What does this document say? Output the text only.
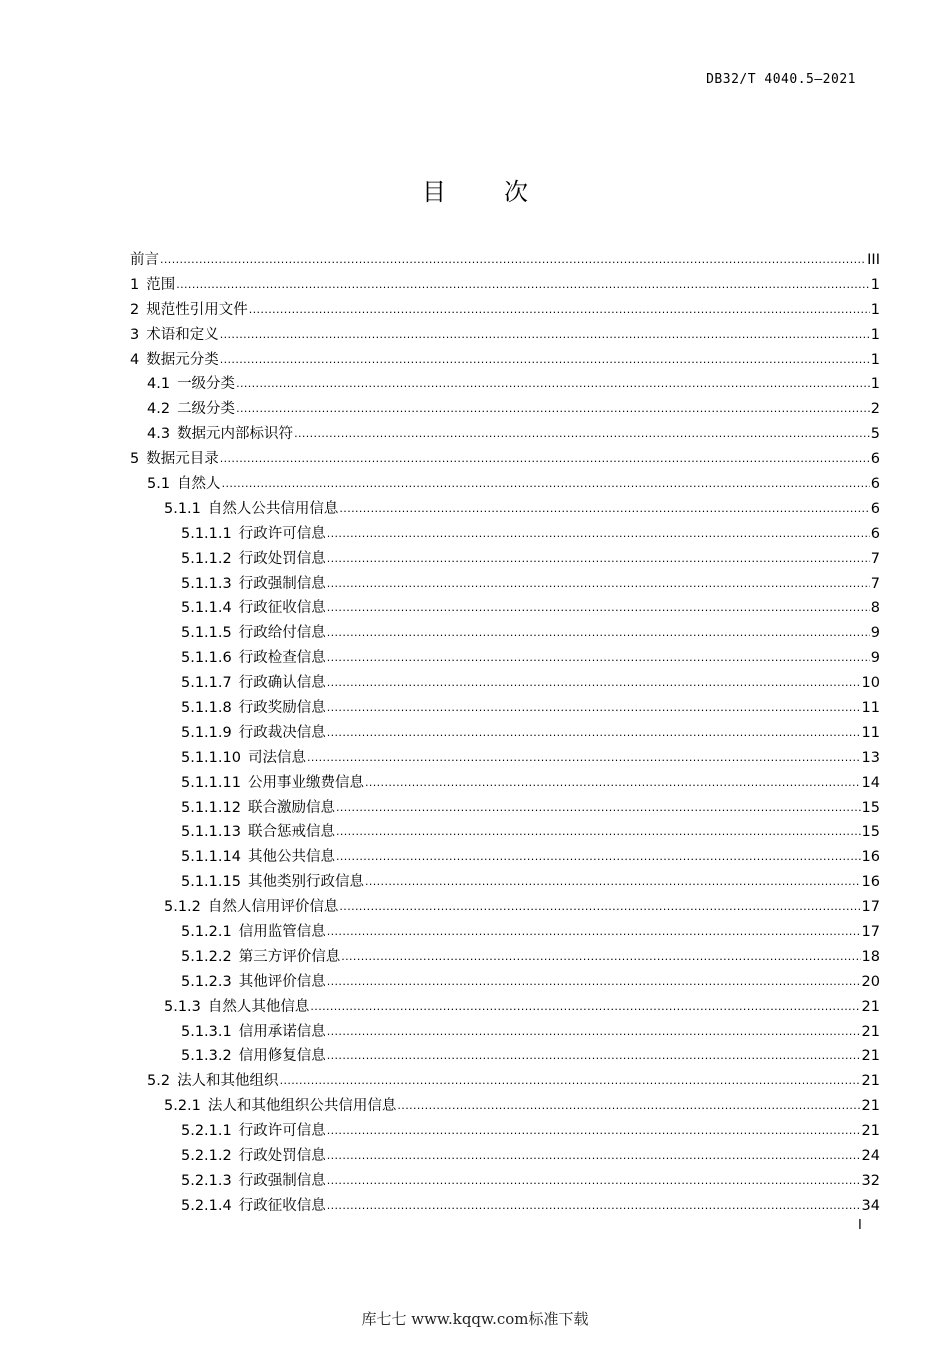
DB32/T 4040.5—2021
目 次
前言 .....	III
1 范围 .....	1
2 规范性引用文件 .....	1
3 术语和定义 .....	1
4 数据元分类 .....	1
4.1 一级分类 .....	1
4.2 二级分类 .....	2
4.3 数据元内部标识符 .....	5
5 数据元目录 .....	6
5.1 自然人 .....	6
5.1.1 自然人公共信用信息 .....	6
5.1.1.1 行政许可信息 .....	6
5.1.1.2 行政处罚信息 .....	7
5.1.1.3 行政强制信息 .....	7
5.1.1.4 行政征收信息 .....	8
5.1.1.5 行政给付信息 .....	9
5.1.1.6 行政检查信息 .....	9
5.1.1.7 行政确认信息 .....	10
5.1.1.8 行政奖励信息 .....	11
5.1.1.9 行政裁决信息 .....	11
5.1.1.10 司法信息 .....	13
5.1.1.11 公用事业缴费信息 .....	14
5.1.1.12 联合激励信息 .....	15
5.1.1.13 联合惩戒信息 .....	15
5.1.1.14 其他公共信息 .....	16
5.1.1.15 其他类别行政信息 .....	16
5.1.2 自然人信用评价信息 .....	17
5.1.2.1 信用监管信息 .....	17
5.1.2.2 第三方评价信息 .....	18
5.1.2.3 其他评价信息 .....	20
5.1.3 自然人其他信息 .....	21
5.1.3.1 信用承诺信息 .....	21
5.1.3.2 信用修复信息 .....	21
5.2 法人和其他组织 .....	21
5.2.1 法人和其他组织公共信用信息 .....	21
5.2.1.1 行政许可信息 .....	21
5.2.1.2 行政处罚信息 .....	24
5.2.1.3 行政强制信息 .....	32
5.2.1.4 行政征收信息 .....	34
I
库七七 www.kqqw.com标准下载
